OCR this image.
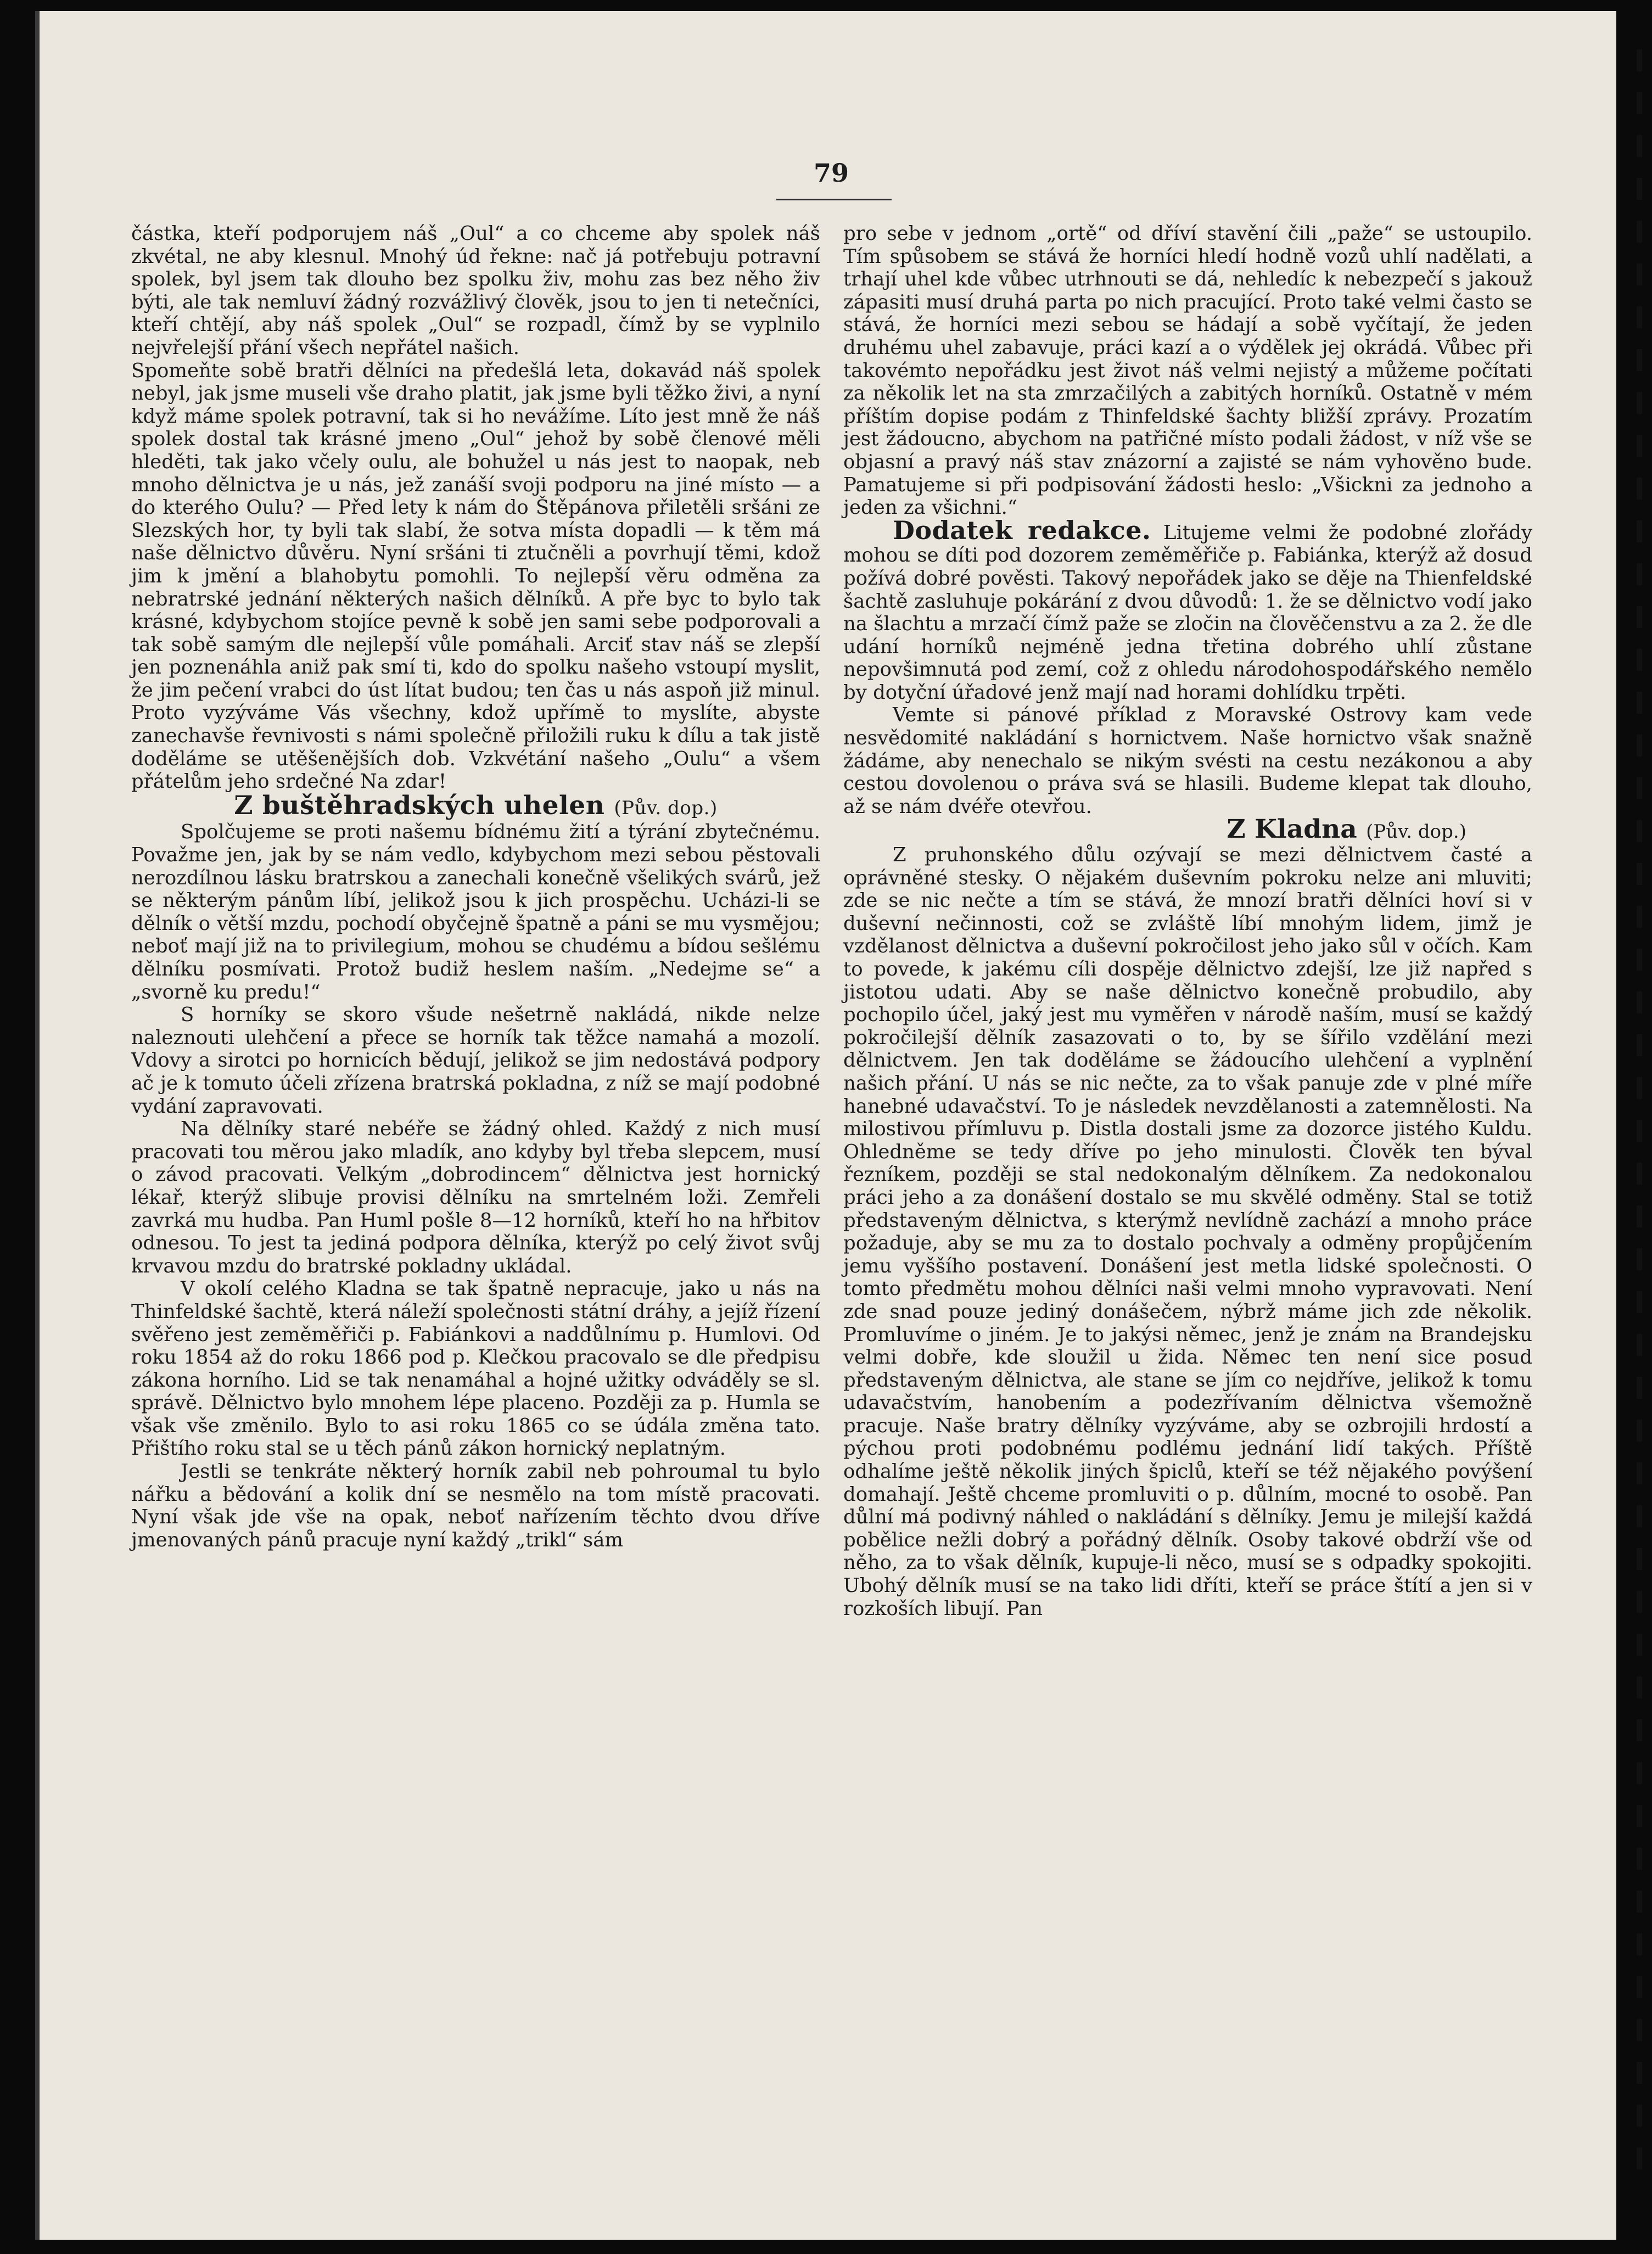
79

částka, kteří podporujem náš „Oul“ a co chceme aby spolek náš zkvétal, ne aby klesnul. Mnohý úd řekne: nač já potřebuju potravní spolek, byl jsem tak dlouho bez spolku živ, mohu zas bez něho živ býti, ale tak nemluví žádný rozvážlivý člověk, jsou to jen ti netečníci, kteří chtějí, aby náš spolek „Oul“ se rozpadl, čímž by se vyplnilo nejvřelejší přání všech nepřátel našich.

Spomeňte sobě bratři dělníci na předešlá leta, dokavád náš spolek nebyl, jak jsme museli vše draho platit, jak jsme byli těžko živi, a nyní když máme spolek potravní, tak si ho nevážíme. Líto jest mně že náš spolek dostal tak krásné jmeno „Oul“ jehož by sobě členové měli hleděti, tak jako včely oulu, ale bohužel u nás jest to naopak, neb mnoho dělnictva je u nás, jež zanáší svoji podporu na jiné místo — a do kterého Oulu? — Před lety k nám do Štěpánova přiletěli sršáni ze Slezských hor, ty byli tak slabí, že sotva místa dopadli — k těm má naše dělnictvo důvěru. Nyní sršáni ti ztučněli a povrhují těmi, kdož jim k jmění a blahobytu pomohli. To nejlepší věru odměna za nebratrské jednání některých našich dělníků. A pře byc to bylo tak krásné, kdybychom stojíce pevně k sobě jen sami sebe podporovali a tak sobě samým dle nejlepší vůle pomáhali. Arciť stav náš se zlepší jen poznenáhla aniž pak smí ti, kdo do spolku našeho vstoupí myslit, že jim pečení vrabci do úst lítat budou; ten čas u nás aspoň již minul. Proto vyzýváme Vás všechny, kdož upřímě to myslíte, abyste zanechavše řevnivosti s námi společně přiložili ruku k dílu a tak jistě doděláme se utěšenějších dob. Vzkvétání našeho „Oulu“ a všem přátelům jeho srdečné Na zdar!

Z buštěhradských uhelen (Pův. dop.)

Spolčujeme se proti našemu bídnému žití a týrání zbytečnému. Považme jen, jak by se nám vedlo, kdybychom mezi sebou pěstovali nerozdílnou lásku bratrskou a zanechali konečně všelikých svárů, jež se některým pánům líbí, jelikož jsou k jich prospěchu. Ucházi-li se dělník o větší mzdu, pochodí obyčejně špatně a páni se mu vysmějou; neboť mají již na to privilegium, mohou se chudému a bídou sešlému dělníku posmívati. Protož budiž heslem naším. „Nedejme se“ a „svorně ku predu!“

S horníky se skoro všude nešetrně nakládá, nikde nelze naleznouti ulehčení a přece se horník tak těžce namahá a mozolí. Vdovy a sirotci po hornicích bědují, jelikož se jim nedostává podpory ač je k tomuto účeli zřízena bratrská pokladna, z níž se mají podobné vydání zapravovati.

Na dělníky staré nebéře se žádný ohled. Každý z nich musí pracovati tou měrou jako mladík, ano kdyby byl třeba slepcem, musí o závod pracovati. Velkým „dobrodincem“ dělnictva jest hornický lékař, kterýž slibuje provisi dělníku na smrtelném loži. Zemřeli zavrká mu hudba. Pan Huml pošle 8—12 horníků, kteří ho na hřbitov odnesou. To jest ta jediná podpora dělníka, kterýž po celý život svůj krvavou mzdu do bratrské pokladny ukládal.

V okolí celého Kladna se tak špatně nepracuje, jako u nás na Thinfeldské šachtě, která náleží společnosti státní dráhy, a jejíž řízení svěřeno jest zeměměřiči p. Fabiánkovi a naddůlnímu p. Humlovi. Od roku 1854 až do roku 1866 pod p. Klečkou pracovalo se dle předpisu zákona horního. Lid se tak nenamáhal a hojné užitky odváděly se sl. správě. Dělnictvo bylo mnohem lépe placeno. Později za p. Humla se však vše změnilo. Bylo to asi roku 1865 co se údála změna tato. Přištího roku stal se u těch pánů zákon hornický neplatným.

Jestli se tenkráte některý horník zabil neb pohroumal tu bylo nářku a bědování a kolik dní se nesmělo na tom místě pracovati. Nyní však jde vše na opak, neboť nařízením těchto dvou dříve jmenovaných pánů pracuje nyní každý „trikl“ sám

pro sebe v jednom „ortě“ od dříví stavění čili „paže“ se ustoupilo. Tím spůsobem se stává že horníci hledí hodně vozů uhlí nadělati, a trhají uhel kde vůbec utrhnouti se dá, nehledíc k nebezpečí s jakouž zápasiti musí druhá parta po nich pracující. Proto také velmi často se stává, že horníci mezi sebou se hádají a sobě vyčítají, že jeden druhému uhel zabavuje, práci kazí a o výdělek jej okrádá. Vůbec při takovémto nepořádku jest život náš velmi nejistý a můžeme počítati za několik let na sta zmrzačilých a zabitých horníků. Ostatně v mém příštím dopise podám z Thinfeldské šachty bližší zprávy. Prozatím jest žádoucno, abychom na patřičné místo podali žádost, v níž vše se objasní a pravý náš stav znázorní a zajisté se nám vyhověno bude. Pamatujeme si při podpisování žádosti heslo: „Všickni za jednoho a jeden za všichni.“

Dodatek redakce. Litujeme velmi že podobné zlořády mohou se díti pod dozorem zeměměřiče p. Fabiánka, kterýž až dosud požívá dobré pověsti. Takový nepořádek jako se děje na Thienfeldské šachtě zasluhuje pokárání z dvou důvodů: 1. že se dělnictvo vodí jako na šlachtu a mrzačí čímž paže se zločin na člověčenstvu a za 2. že dle udání horníků nejméně jedna třetina dobrého uhlí zůstane nepovšimnutá pod zemí, což z ohledu národohospodářského nemělo by dotyční úřadové jenž mají nad horami dohlídku trpěti.

Vemte si pánové příklad z Moravské Ostrovy kam vede nesvědomité nakládání s hornictvem. Naše hornictvo však snažně žádáme, aby nenechalo se nikým svésti na cestu nezákonou a aby cestou dovolenou o práva svá se hlasili. Budeme klepat tak dlouho, až se nám dvéře otevřou.

Z Kladna (Pův. dop.)

Z pruhonského důlu ozývají se mezi dělnictvem časté a oprávněné stesky. O nějakém duševním pokroku nelze ani mluviti; zde se nic nečte a tím se stává, že mnozí bratři dělníci hoví si v duševní nečinnosti, což se zvláště líbí mnohým lidem, jimž je vzdělanost dělnictva a duševní pokročilost jeho jako sůl v očích. Kam to povede, k jakému cíli dospěje dělnictvo zdejší, lze již napřed s jistotou udati. Aby se naše dělnictvo konečně probudilo, aby pochopilo účel, jaký jest mu vyměřen v národě naším, musí se každý pokročilejší dělník zasazovati o to, by se šířilo vzdělání mezi dělnictvem. Jen tak doděláme se žádoucího ulehčení a vyplnění našich přání. U nás se nic nečte, za to však panuje zde v plné míře hanebné udavačství. To je následek nevzdělanosti a zatemnělosti. Na milostivou přímluvu p. Distla dostali jsme za dozorce jistého Kuldu. Ohledněme se tedy dříve po jeho minulosti. Člověk ten býval řezníkem, později se stal nedokonalým dělníkem. Za nedokonalou práci jeho a za donášení dostalo se mu skvělé odměny. Stal se totiž představeným dělnictva, s kterýmž nevlídně zachází a mnoho práce požaduje, aby se mu za to dostalo pochvaly a odměny propůjčením jemu vyššího postavení. Donášení jest metla lidské společnosti. O tomto předmětu mohou dělníci naši velmi mnoho vypravovati. Není zde snad pouze jediný donášečem, nýbrž máme jich zde několik. Promluvíme o jiném. Je to jakýsi němec, jenž je znám na Brandejsku velmi dobře, kde sloužil u žida. Němec ten není sice posud představeným dělnictva, ale stane se jím co nejdříve, jelikož k tomu udavačstvím, hanobením a podezřívaním dělnictva všemožně pracuje. Naše bratry dělníky vyzýváme, aby se ozbrojili hrdostí a pýchou proti podobnému podlému jednání lidí takých. Příště odhalíme ještě několik jiných špiclů, kteří se též nějakého povýšení domahají. Ještě chceme promluviti o p. důlním, mocné to osobě. Pan důlní má podivný náhled o nakládání s dělníky. Jemu je milejší každá pobělice nežli dobrý a pořádný dělník. Osoby takové obdrží vše od něho, za to však dělník, kupuje-li něco, musí se s odpadky spokojiti. Ubohý dělník musí se na tako lidi dříti, kteří se práce štítí a jen si v rozkoších libují. Pan
